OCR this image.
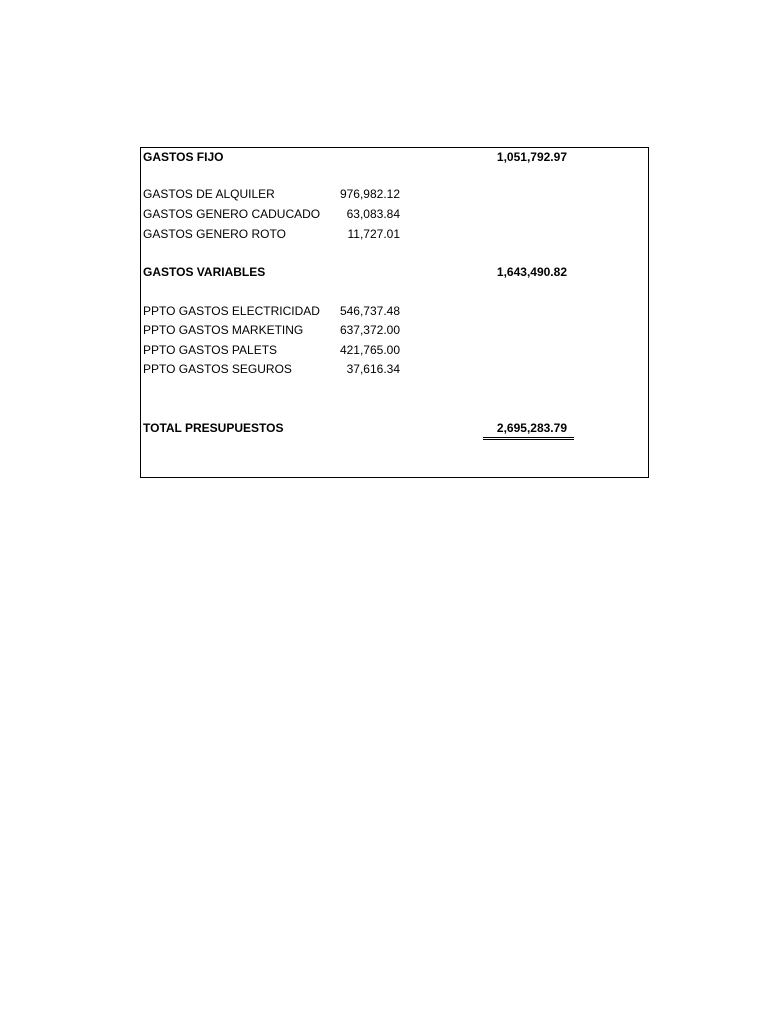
GASTOS FIJO	1,051,792.97
GASTOS DE ALQUILER	976,982.12
GASTOS GENERO CADUCADO 63,083.84
GASTOS GENERO ROTO	11,727.01
GASTOS VARIABLES	1,643,490.82
PPTO GASTOS ELECTRICIDAD 546,737.48
PPTO GASTOS MARKETING	637,372.00
PPTO GASTOS PALETS	421,765.00
PPTO GASTOS SEGUROS	37,616.34
TOTAL PRESUPUESTOS	2,695,283.79
